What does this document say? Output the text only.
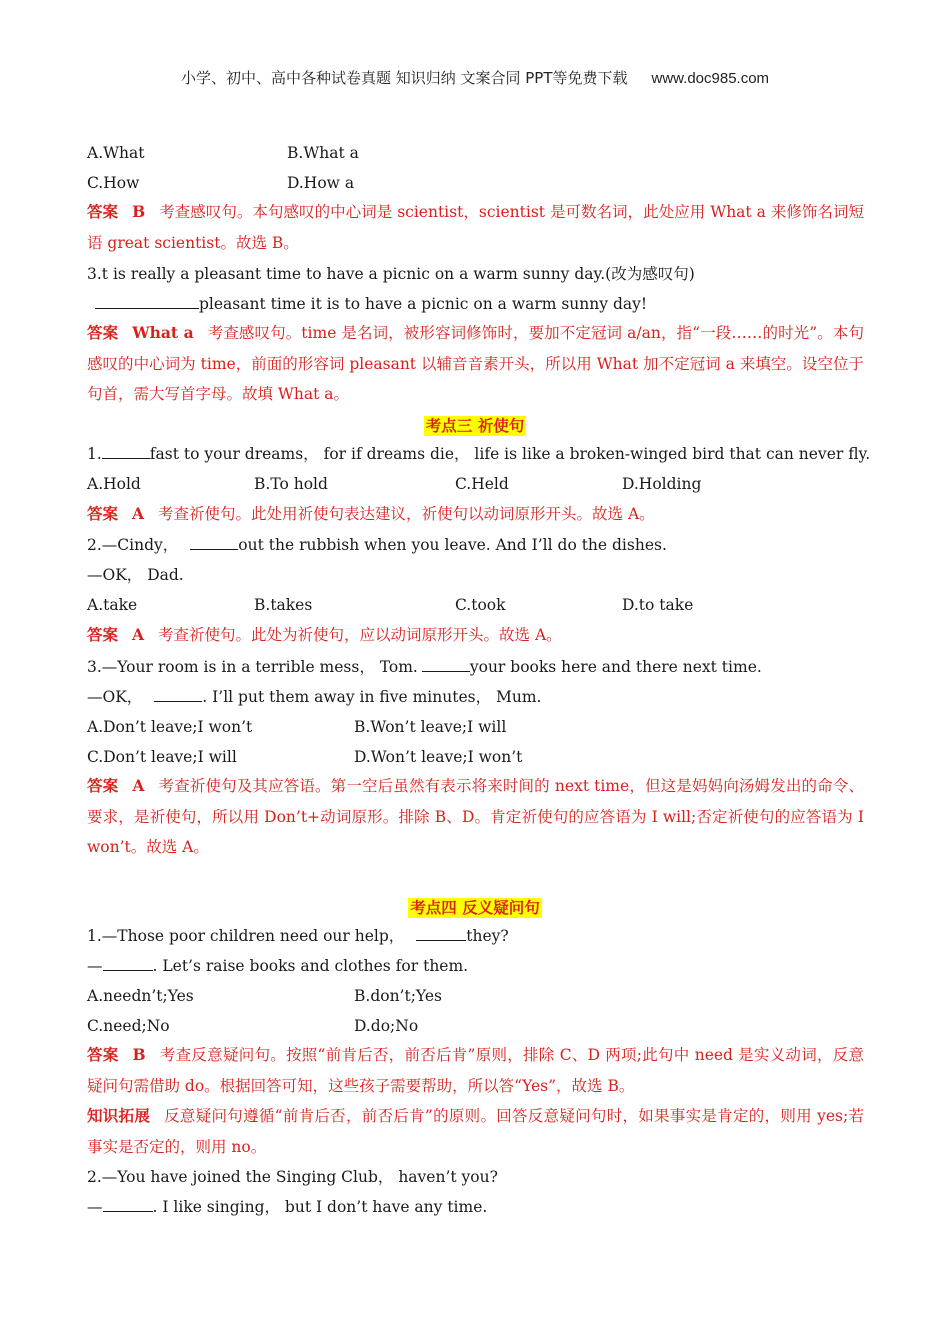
小学、初中、高中各种试卷真题 知识归纳 文案合同 PPT等免费下载 www.doc985.com
A.What	B.What a
C.How	D.How a
答案 B 考查感叹句。本句感叹的中心词是 scientist，scientist 是可数名词，此处应用 What a 来修饰名词短语 great scientist。故选 B。
3.t is really a pleasant time to have a picnic on a warm sunny day.(改为感叹句)
pleasant time it is to have a picnic on a warm sunny day!
答案 What a 考查感叹句。time 是名词，被形容词修饰时，要加不定冠词 a/an，指“一段……的时光”。本句感叹的中心词为 time，前面的形容词 pleasant 以辅音音素开头，所以用 What 加不定冠词 a 来填空。设空位于句首，需大写首字母。故填 What a。
考点三 祈使句
1.	fast to your dreams， for if dreams die， life is like a broken-winged bird that can never fly.
A.Hold	B.To hold	C.Held	D.Holding
答案 A 考查祈使句。此处用祈使句表达建议，祈使句以动词原形开头。故选 A。
2.—Cindy，	out the rubbish when you leave. And I’ll do the dishes.
—OK， Dad.
A.take	B.takes	C.took	D.to take
答案 A 考查祈使句。此处为祈使句，应以动词原形开头。故选 A。
3.—Your room is in a terrible mess， Tom.	your books here and there next time.
—OK，	. I’ll put them away in five minutes， Mum.
A.Don’t leave;I won’t	B.Won’t leave;I will
C.Don’t leave;I will	D.Won’t leave;I won’t
答案 A 考查祈使句及其应答语。第一空后虽然有表示将来时间的 next time，但这是妈妈向汤姆发出的命令、要求，是祈使句，所以用 Don’t+动词原形。排除 B、D。肯定祈使句的应答语为 I will;否定祈使句的应答语为 I won’t。故选 A。
考点四 反义疑问句
1.—Those poor children need our help，	they?
—	. Let’s raise books and clothes for them.
A.needn’t;Yes	B.don’t;Yes
C.need;No	D.do;No
答案 B 考查反意疑问句。按照“前肯后否，前否后肯”原则，排除 C、D 两项;此句中 need 是实义动词，反意疑问句需借助 do。根据回答可知，这些孩子需要帮助，所以答“Yes”，故选 B。
知识拓展 反意疑问句遵循“前肯后否，前否后肯”的原则。回答反意疑问句时，如果事实是肯定的，则用 yes;若事实是否定的，则用 no。
2.—You have joined the Singing Club， haven’t you?
—	. I like singing， but I don’t have any time.
